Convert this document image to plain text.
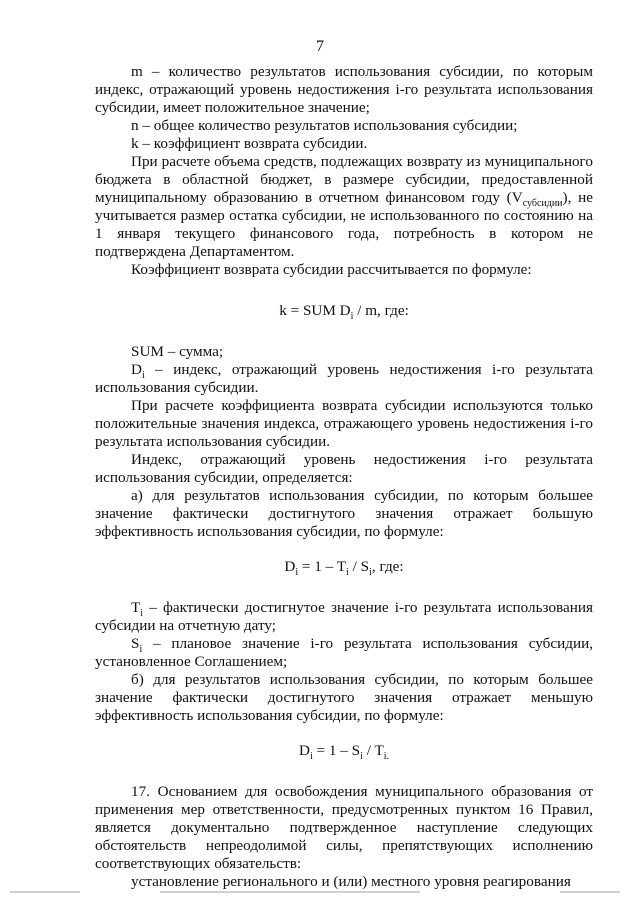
7

m – количество результатов использования субсидии, по которым индекс, отражающий уровень недостижения i-го результата использования субсидии, имеет положительное значение;

n – общее количество результатов использования субсидии;

k – коэффициент возврата субсидии.

При расчете объема средств, подлежащих возврату из муниципального бюджета в областной бюджет, в размере субсидии, предоставленной муниципальному образованию в отчетном финансовом году $(V_{субсидии})$, не учитывается размер остатка субсидии, не использованного по состоянию на 1 января текущего финансового года, потребность в котором не подтверждена Департаментом.

Коэффициент возврата субсидии рассчитывается по формуле:

k = SUM $D_i$ / m, где:

SUM – сумма;

$D_i$ – индекс, отражающий уровень недостижения i-го результата использования субсидии.

При расчете коэффициента возврата субсидии используются только положительные значения индекса, отражающего уровень недостижения i-го результата использования субсидии.

Индекс, отражающий уровень недостижения i-го результата использования субсидии, определяется:

а) для результатов использования субсидии, по которым большее значение фактически достигнутого значения отражает большую эффективность использования субсидии, по формуле:

$D_i = 1 - T_i / S_i$, где:

$T_i$ – фактически достигнутое значение i-го результата использования субсидии на отчетную дату;

$S_i$ – плановое значение i-го результата использования субсидии, установленное Соглашением;

б) для результатов использования субсидии, по которым большее значение фактически достигнутого значения отражает меньшую эффективность использования субсидии, по формуле:

$D_i = 1 - S_i / T_{i.}$

17. Основанием для освобождения муниципального образования от применения мер ответственности, предусмотренных пунктом 16 Правил, является документально подтвержденное наступление следующих обстоятельств непреодолимой силы, препятствующих исполнению соответствующих обязательств:

установление регионального и (или) местного уровня реагирования
